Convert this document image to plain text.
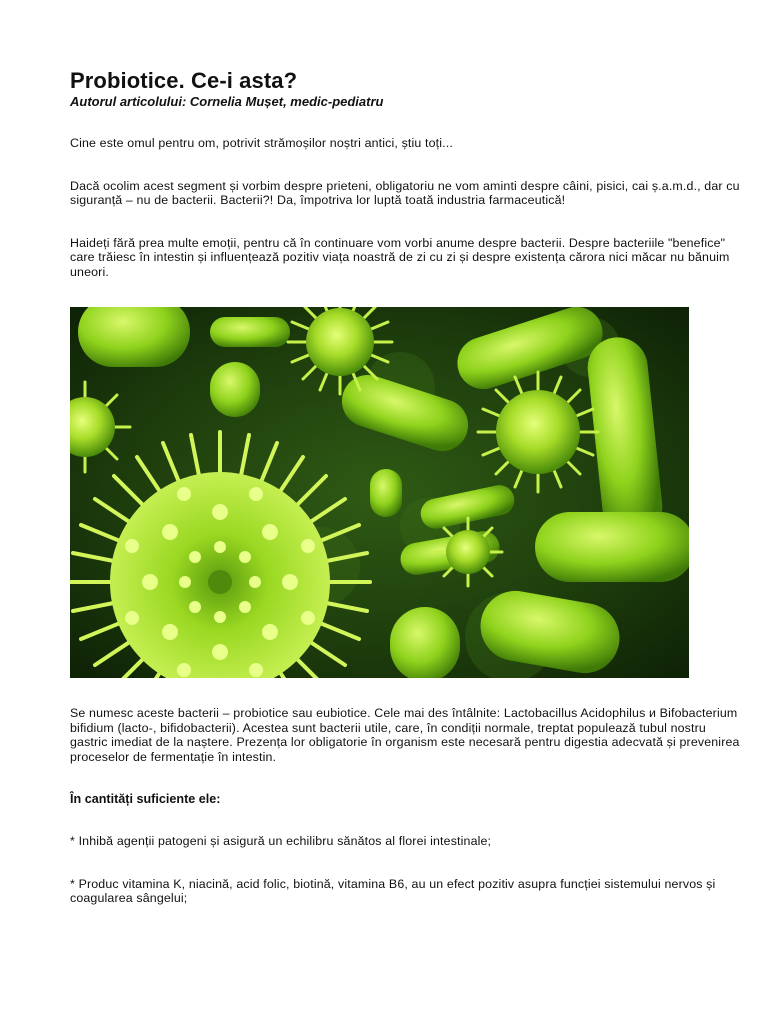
Probiotice. Ce-i asta?

Autorul articolului: Cornelia Mușet, medic-pediatru

Cine este omul pentru om, potrivit strămoșilor noștri antici, știu toți...

Dacă ocolim acest segment și vorbim despre prieteni, obligatoriu ne vom aminti despre câini, pisici, cai ș.a.m.d., dar cu siguranță – nu de bacterii. Bacterii?! Da, împotriva lor luptă toată industria farmaceutică!

Haideți fără prea multe emoții, pentru că în continuare vom vorbi anume despre bacterii. Despre bacteriile "benefice" care trăiesc în intestin și influențează pozitiv viața noastră de zi cu zi și despre existența cărora nici măcar nu bănuim uneori.

Se numesc aceste bacterii – probiotice sau eubiotice. Cele mai des întâlnite: Lactobacillus Acidophilus и Bifobacterium bifidium (lacto-, bifidobacterii). Acestea sunt bacterii utile, care, în condiții normale, treptat populează tubul nostru gastric imediat de la naștere. Prezența lor obligatorie în organism este necesară pentru digestia adecvată și prevenirea proceselor de fermentație în intestin.

În cantități suficiente ele:

* Inhibă agenții patogeni și asigură un echilibru sănătos al florei intestinale;

* Produc vitamina K, niacină, acid folic, biotină, vitamina B6, au un efect pozitiv asupra funcției sistemului nervos și coagularea sângelui;
